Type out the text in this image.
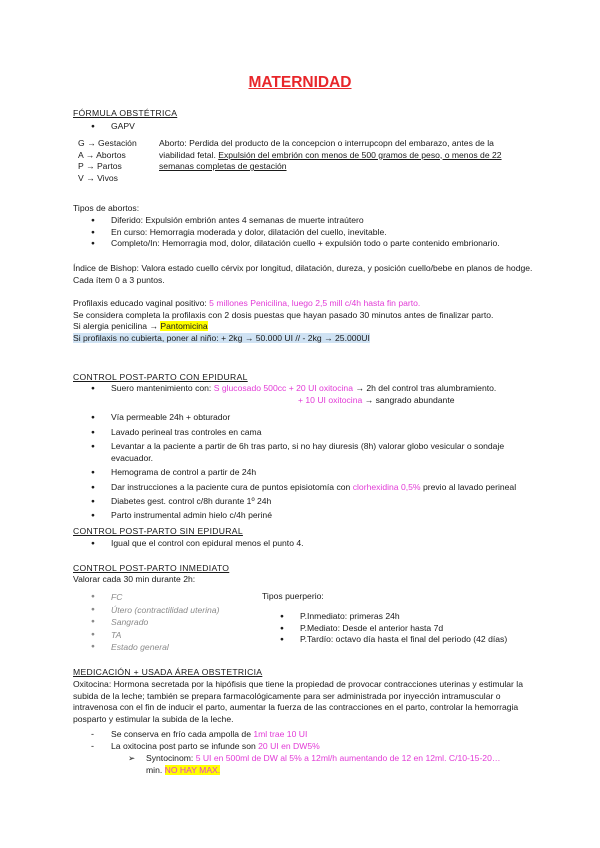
MATERNIDAD
FÓRMULA OBSTÉTRICA
● GAPV
G → Gestación
A → Abortos
P → Partos
V → Vivos
Aborto: Perdida del producto de la concepcion o interrupcopn del embarazo, antes de la viabilidad fetal. Expulsión del embrión con menos de 500 gramos de peso, o menos de 22 semanas completas de gestación
Tipos de abortos:
● Diferido: Expulsión embrión antes 4 semanas de muerte intraútero
● En curso: Hemorragia moderada y dolor, dilatación del cuello, inevitable.
● Completo/In: Hemorragia mod, dolor, dilatación cuello + expulsión todo o parte contenido embrionario.
Índice de Bishop: Valora estado cuello cérvix por longitud, dilatación, dureza, y posición cuello/bebe en planos de hodge. Cada ítem 0 a 3 puntos.
Profilaxis educado vaginal positivo: 5 millones Penicilina, luego 2,5 mill c/4h hasta fin parto.
Se considera completa la profilaxis con 2 dosis puestas que hayan pasado 30 minutos antes de finalizar parto.
Si alergia penicilina → Pantomicina
Si profilaxis no cubierta, poner al niño: + 2kg → 50.000 UI // - 2kg → 25.000UI
CONTROL POST-PARTO CON EPIDURAL
● Suero mantenimiento con: S glucosado 500cc + 20 UI oxitocina → 2h del control tras alumbramiento.
+ 10 UI oxitocina → sangrado abundante
● Vía permeable 24h + obturador
● Lavado perineal tras controles en cama
● Levantar a la paciente a partir de 6h tras parto, si no hay diuresis (8h) valorar globo vesicular o sondaje evacuador.
● Hemograma de control a partir de 24h
● Dar instrucciones a la paciente cura de puntos episiotomía con clorhexidina 0,5% previo al lavado perineal
● Diabetes gest. control c/8h durante 1º 24h
● Parto instrumental admin hielo c/4h periné
CONTROL POST-PARTO SIN EPIDURAL
● Igual que el control con epidural menos el punto 4.
CONTROL POST-PARTO INMEDIATO
Valorar cada 30 min durante 2h:
● FC
● Útero (contractilidad uterina)
● Sangrado
● TA
● Estado general
Tipos puerperio:
● P.Inmediato: primeras 24h
● P.Mediato: Desde el anterior hasta 7d
● P.Tardío: octavo día hasta el final del periodo (42 días)
MEDICACIÓN + USADA ÁREA OBSTETRICIA
Oxitocina: Hormona secretada por la hipófisis que tiene la propiedad de provocar contracciones uterinas y estimular la subida de la leche; también se prepara farmacológicamente para ser administrada por inyección intramuscular o intravenosa con el fin de inducir el parto, aumentar la fuerza de las contracciones en el parto, controlar la hemorragia posparto y estimular la subida de la leche.
- Se conserva en frío cada ampolla de 1ml trae 10 UI
- La oxitocina post parto se infunde son 20 UI en DW5%
➢	Syntocinom: 5 UI en 500ml de DW al 5% a 12ml/h aumentando de 12 en 12ml. C/10-15-20…
min. NO HAY MAX.
